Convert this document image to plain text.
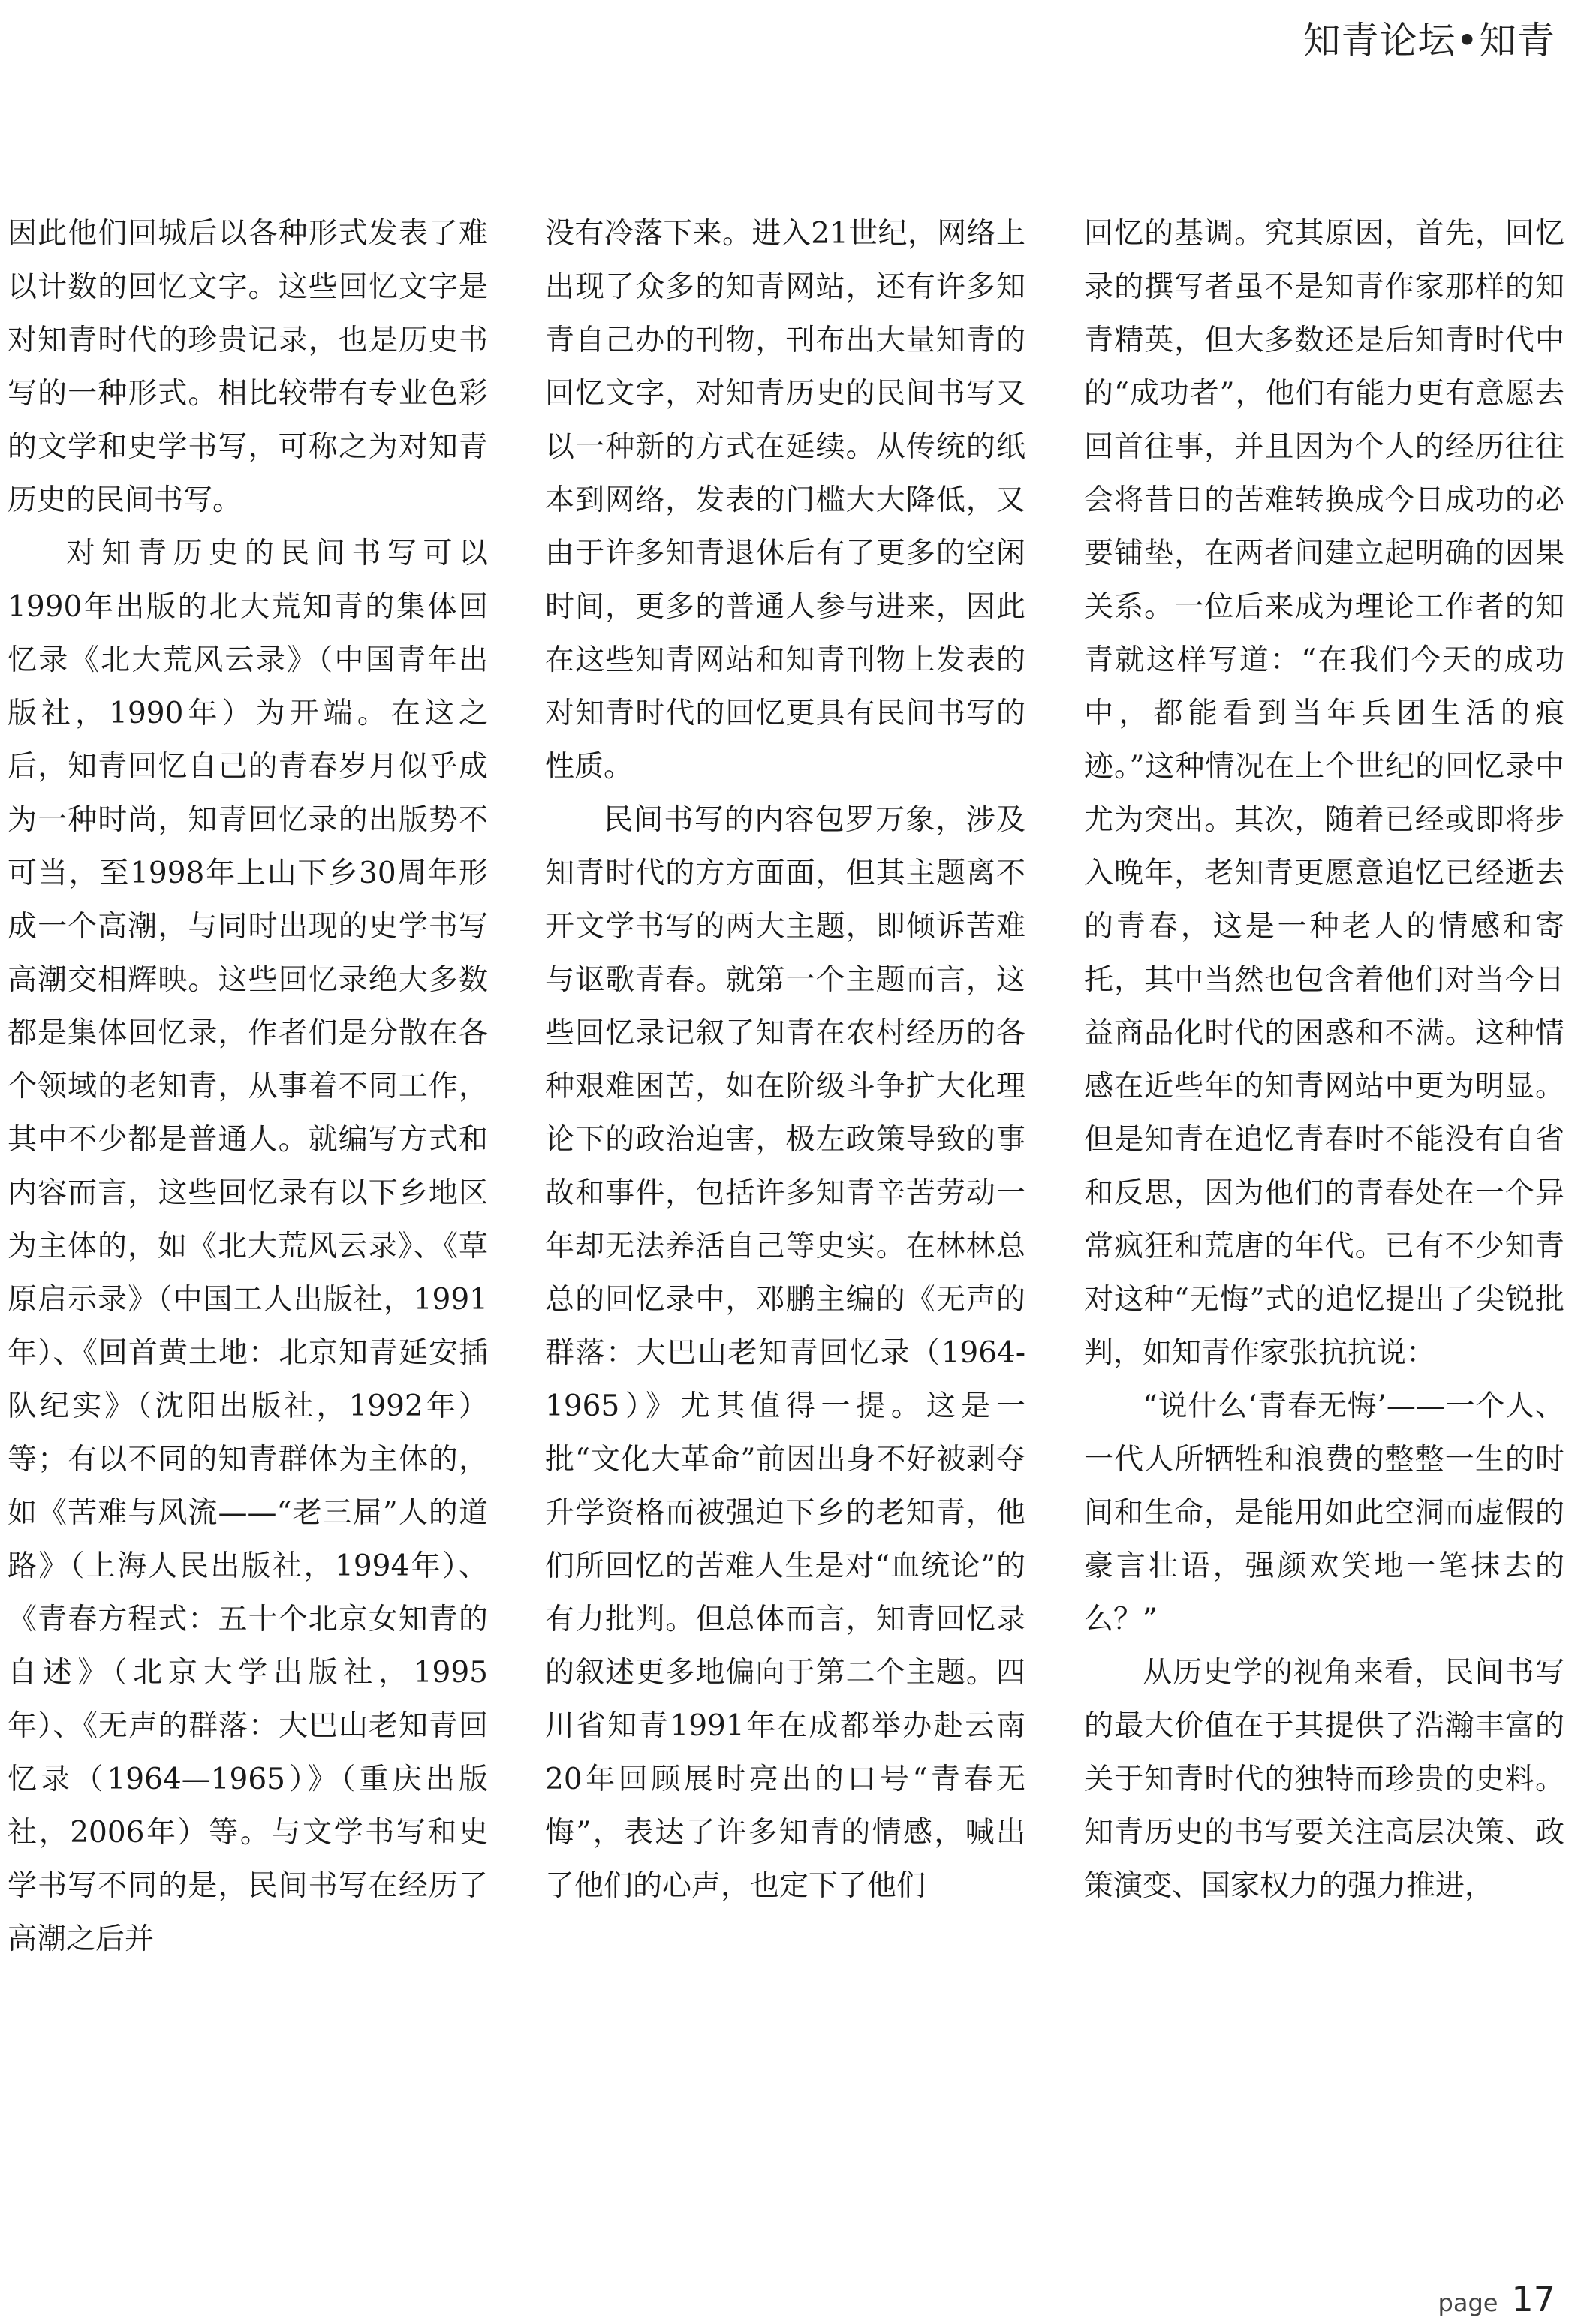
知青论坛•知青

因此他们回城后以各种形式发表了难以计数的回忆文字。这些回忆文字是对知青时代的珍贵记录，也是历史书写的一种形式。相比较带有专业色彩的文学和史学书写，可称之为对知青历史的民间书写。

对知青历史的民间书写可以1990年出版的北大荒知青的集体回忆录《北大荒风云录》（中国青年出版社，1990年）为开端。在这之后，知青回忆自己的青春岁月似乎成为一种时尚，知青回忆录的出版势不可当，至1998年上山下乡30周年形成一个高潮，与同时出现的史学书写高潮交相辉映。这些回忆录绝大多数都是集体回忆录，作者们是分散在各个领域的老知青，从事着不同工作，其中不少都是普通人。就编写方式和内容而言，这些回忆录有以下乡地区为主体的，如《北大荒风云录》、《草原启示录》（中国工人出版社，1991年）、《回首黄土地：北京知青延安插队纪实》（沈阳出版社，1992年）等；有以不同的知青群体为主体的，如《苦难与风流——“老三届”人的道路》（上海人民出版社，1994年）、《青春方程式：五十个北京女知青的自述》（北京大学出版社，1995年）、《无声的群落：大巴山老知青回忆录（1964—1965）》（重庆出版社，2006年）等。与文学书写和史学书写不同的是，民间书写在经历了高潮之后并

没有冷落下来。进入21世纪，网络上出现了众多的知青网站，还有许多知青自己办的刊物，刊布出大量知青的回忆文字，对知青历史的民间书写又以一种新的方式在延续。从传统的纸本到网络，发表的门槛大大降低，又由于许多知青退休后有了更多的空闲时间，更多的普通人参与进来，因此在这些知青网站和知青刊物上发表的对知青时代的回忆更具有民间书写的性质。

民间书写的内容包罗万象，涉及知青时代的方方面面，但其主题离不开文学书写的两大主题，即倾诉苦难与讴歌青春。就第一个主题而言，这些回忆录记叙了知青在农村经历的各种艰难困苦，如在阶级斗争扩大化理论下的政治迫害，极左政策导致的事故和事件，包括许多知青辛苦劳动一年却无法养活自己等史实。在林林总总的回忆录中，邓鹏主编的《无声的群落：大巴山老知青回忆录（1964-1965）》尤其值得一提。这是一批“文化大革命”前因出身不好被剥夺升学资格而被强迫下乡的老知青，他们所回忆的苦难人生是对“血统论”的有力批判。但总体而言，知青回忆录的叙述更多地偏向于第二个主题。四川省知青1991年在成都举办赴云南20年回顾展时亮出的口号“青春无悔”，表达了许多知青的情感，喊出了他们的心声，也定下了他们

回忆的基调。究其原因，首先，回忆录的撰写者虽不是知青作家那样的知青精英，但大多数还是后知青时代中的“成功者”，他们有能力更有意愿去回首往事，并且因为个人的经历往往会将昔日的苦难转换成今日成功的必要铺垫，在两者间建立起明确的因果关系。一位后来成为理论工作者的知青就这样写道：“在我们今天的成功中，都能看到当年兵团生活的痕迹。”这种情况在上个世纪的回忆录中尤为突出。其次，随着已经或即将步入晚年，老知青更愿意追忆已经逝去的青春，这是一种老人的情感和寄托，其中当然也包含着他们对当今日益商品化时代的困惑和不满。这种情感在近些年的知青网站中更为明显。但是知青在追忆青春时不能没有自省和反思，因为他们的青春处在一个异常疯狂和荒唐的年代。已有不少知青对这种“无悔”式的追忆提出了尖锐批判，如知青作家张抗抗说：

“说什么‘青春无悔’——一个人、一代人所牺牲和浪费的整整一生的时间和生命，是能用如此空洞而虚假的豪言壮语，强颜欢笑地一笔抹去的么？”

从历史学的视角来看，民间书写的最大价值在于其提供了浩瀚丰富的关于知青时代的独特而珍贵的史料。知青历史的书写要关注高层决策、政策演变、国家权力的强力推进，

page 17
